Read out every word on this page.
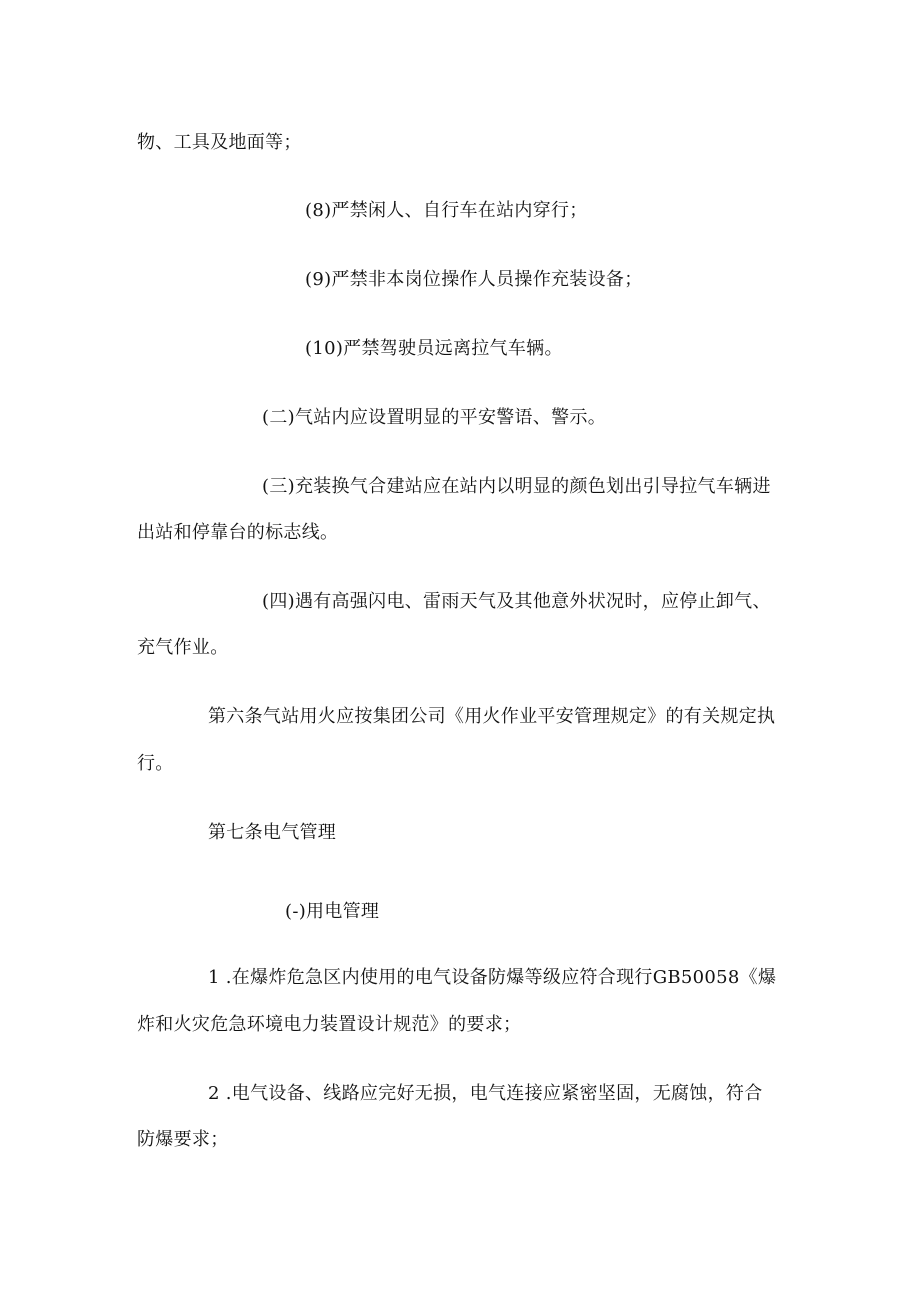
物、工具及地面等；
(8)严禁闲人、自行车在站内穿行；
(9)严禁非本岗位操作人员操作充装设备；
(10)严禁驾驶员远离拉气车辆。
(二)气站内应设置明显的平安警语、警示。
(三)充装换气合建站应在站内以明显的颜色划出引导拉气车辆进
出站和停靠台的标志线。
(四)遇有高强闪电、雷雨天气及其他意外状况时，应停止卸气、
充气作业。
第六条气站用火应按集团公司《用火作业平安管理规定》的有关规定执
行。
第七条电气管理
(-)用电管理
1 .在爆炸危急区内使用的电气设备防爆等级应符合现行GB50058《爆
炸和火灾危急环境电力装置设计规范》的要求；
2 .电气设备、线路应完好无损，电气连接应紧密坚固，无腐蚀，符合
防爆要求；
